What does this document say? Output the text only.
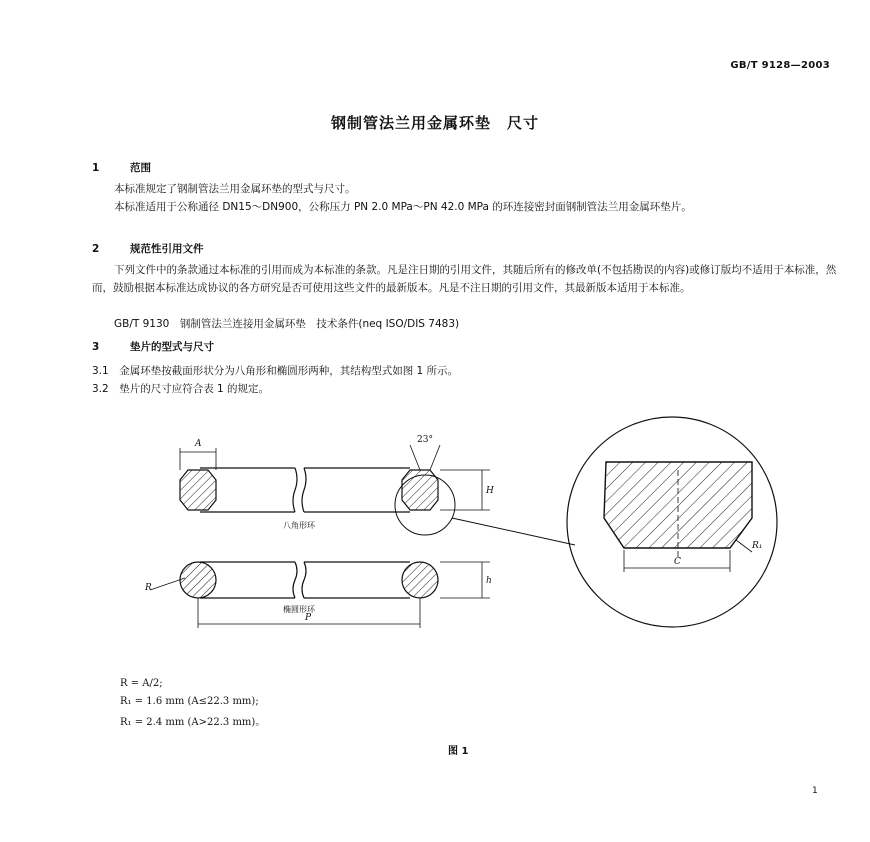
GB/T 9128—2003
钢制管法兰用金属环垫　尺寸
1	范围
本标准规定了钢制管法兰用金属环垫的型式与尺寸。
本标准适用于公称通径 DN15～DN900，公称压力 PN 2.0 MPa～PN 42.0 MPa 的环连接密封面钢制管法兰用金属环垫片。
2	规范性引用文件
下列文件中的条款通过本标准的引用而成为本标准的条款。凡是注日期的引用文件，其随后所有的修改单(不包括勘误的内容)或修订版均不适用于本标准，然而，鼓励根据本标准达成协议的各方研究是否可使用这些文件的最新版本。凡是不注日期的引用文件，其最新版本适用于本标准。
GB/T 9130　钢制管法兰连接用金属环垫　技术条件(neq ISO/DIS 7483)
3	垫片的型式与尺寸
3.1　金属环垫按截面形状分为八角形和椭圆形两种，其结构型式如图 1 所示。
3.2　垫片的尺寸应符合表 1 的规定。
A
H
23°
R
h
P
C
R₁
八角形环
椭圆形环
R = A/2;
R₁ = 1.6 mm (A≤22.3 mm);
R₁ = 2.4 mm (A>22.3 mm)。
图 1
1
